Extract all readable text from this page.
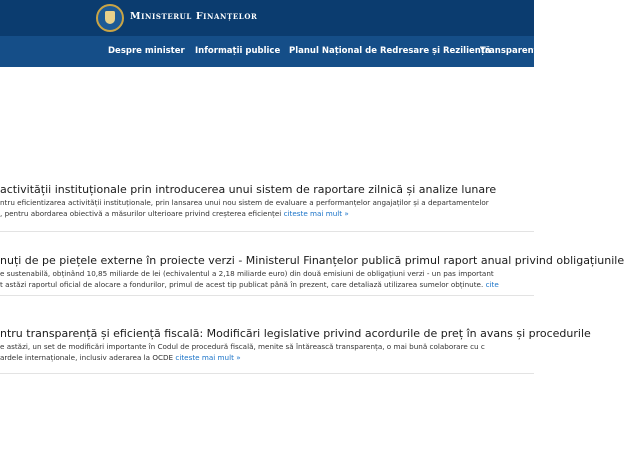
Ministerul Finanțelor
Despre minister Informații publice Planul Național de Redresare și Reziliență
Transparență
activității instituționale prin introducerea unui sistem de raportare zilnică și analize lunare
ntru eficientizarea activității instituționale, prin lansarea unui nou sistem de evaluare a performanțelor angajaților și a departamentelor
, pentru abordarea obiectivă a măsurilor ulterioare privind creșterea eficienței citeste mai mult »
nuți de pe piețele externe în proiecte verzi - Ministerul Finanțelor publică primul raport anual privind obligațiunile
e sustenabilă, obținând 10,85 miliarde de lei (echivalentul a 2,18 miliarde euro) din două emisiuni de obligațiuni verzi - un pas important
t astăzi raportul oficial de alocare a fondurilor, primul de acest tip publicat până în prezent, care detaliază utilizarea sumelor obținute. cite
ntru transparență și eficiență fiscală: Modificări legislative privind acordurile de preț în avans și procedurile
e astăzi, un set de modificări importante în Codul de procedură fiscală, menite să întărească transparența, o mai bună colaborare cu c
ardele internaționale, inclusiv aderarea la OCDE citeste mai mult »
